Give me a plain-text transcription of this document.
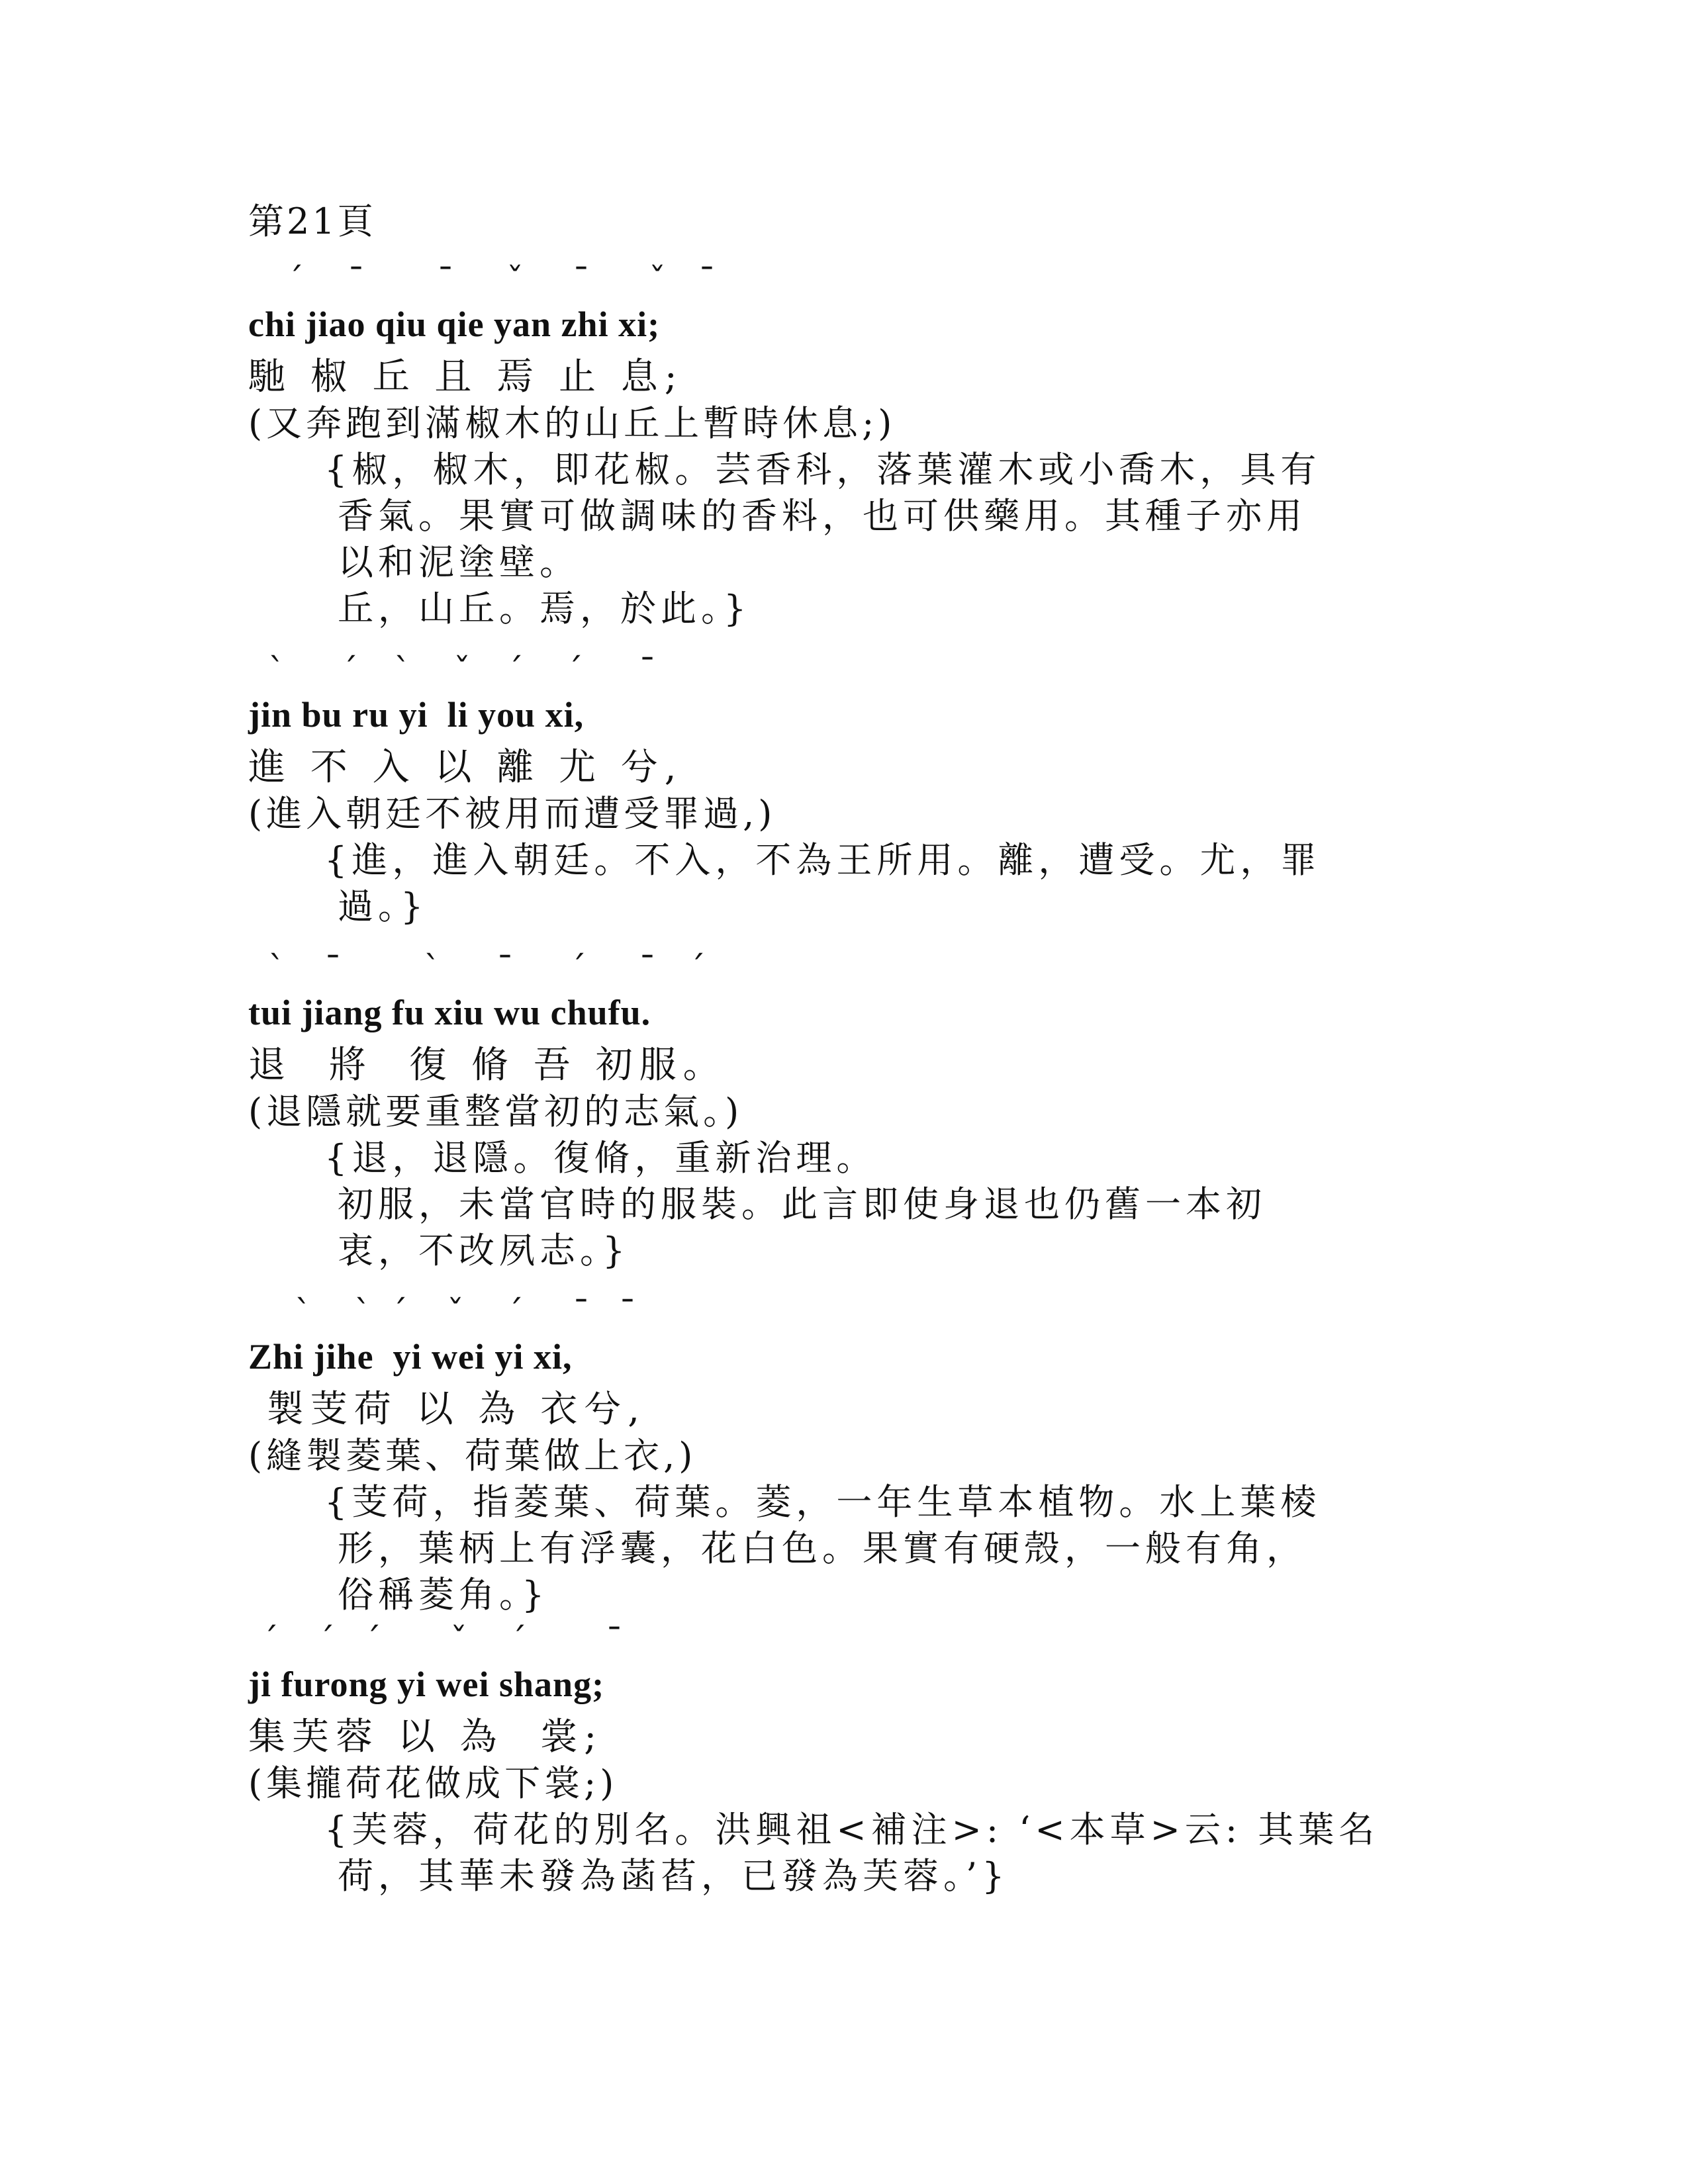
第21頁
ˊ ˉ ˉ ˇ ˉ ˇ ˉ
chi jiao qiu qie yan zhi xi;
馳 椒 丘 且 焉 止 息;
(又奔跑到滿椒木的山丘上暫時休息;)
{椒，椒木，即花椒。芸香科，落葉灌木或小喬木，具有
香氣。果實可做調味的香料，也可供藥用。其種子亦用
以和泥塗壁。
丘，山丘。焉，於此。}
ˋ ˊ ˋ ˇ ˊ ˊ ˉ
jin bu ru yi  li you xi,
進 不 入 以 離 尤 兮,
(進入朝廷不被用而遭受罪過,)
{進，進入朝廷。不入，不為王所用。離，遭受。尤，罪
過。}
ˋ ˉ ˋ ˉ ˊ ˉ ˊ
tui jiang fu xiu wu chufu.
退  將  復 脩 吾 初服。
(退隱就要重整當初的志氣。)
{退，退隱。復脩，重新治理。
初服，未當官時的服裝。此言即使身退也仍舊一本初
衷，不改夙志。}
ˋ ˋ ˊ ˇ ˊ ˉ ˉ
Zhi jihe  yi wei yi xi,
製芰荷 以 為 衣兮,
(縫製菱葉、荷葉做上衣,)
{芰荷，指菱葉、荷葉。菱，一年生草本植物。水上葉棱
形，葉柄上有浮囊，花白色。果實有硬殼，一般有角，
俗稱菱角。}
ˊ ˊ ˊ ˇ ˊ ˉ
ji furong yi wei shang;
集芙蓉 以 為  裳;
(集攏荷花做成下裳;)
{芙蓉，荷花的別名。洪興祖<補注>: ‘<本草>云: 其葉名
荷，其華未發為菡萏，已發為芙蓉。’}
